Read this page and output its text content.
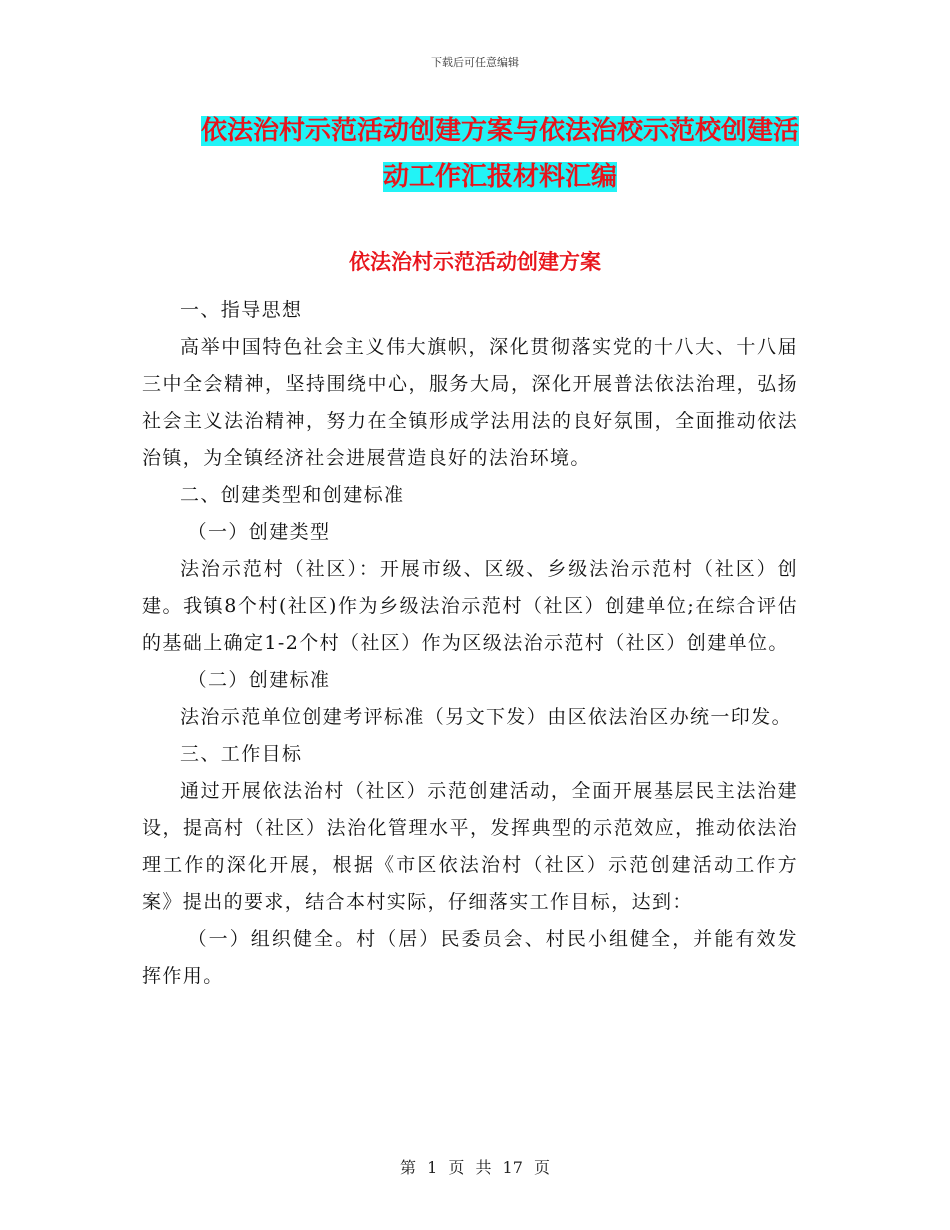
下载后可任意编辑
依法治村示范活动创建方案与依法治校示范校创建活
动工作汇报材料汇编
依法治村示范活动创建方案

一、指导思想

高举中国特色社会主义伟大旗帜，深化贯彻落实党的十八大、十八届三中全会精神，坚持围绕中心，服务大局，深化开展普法依法治理，弘扬社会主义法治精神，努力在全镇形成学法用法的良好氛围，全面推动依法治镇，为全镇经济社会进展营造良好的法治环境。

二、创建类型和创建标准

（一）创建类型

法治示范村（社区）：开展市级、区级、乡级法治示范村（社区）创建。我镇8个村(社区)作为乡级法治示范村（社区）创建单位;在综合评估的基础上确定1-2个村（社区）作为区级法治示范村（社区）创建单位。

（二）创建标准

法治示范单位创建考评标准（另文下发）由区依法治区办统一印发。

三、工作目标

通过开展依法治村（社区）示范创建活动，全面开展基层民主法治建设，提高村（社区）法治化管理水平，发挥典型的示范效应，推动依法治理工作的深化开展，根据《市区依法治村（社区）示范创建活动工作方案》提出的要求，结合本村实际，仔细落实工作目标，达到：

（一）组织健全。村（居）民委员会、村民小组健全，并能有效发挥作用。

第 1 页 共 17 页
